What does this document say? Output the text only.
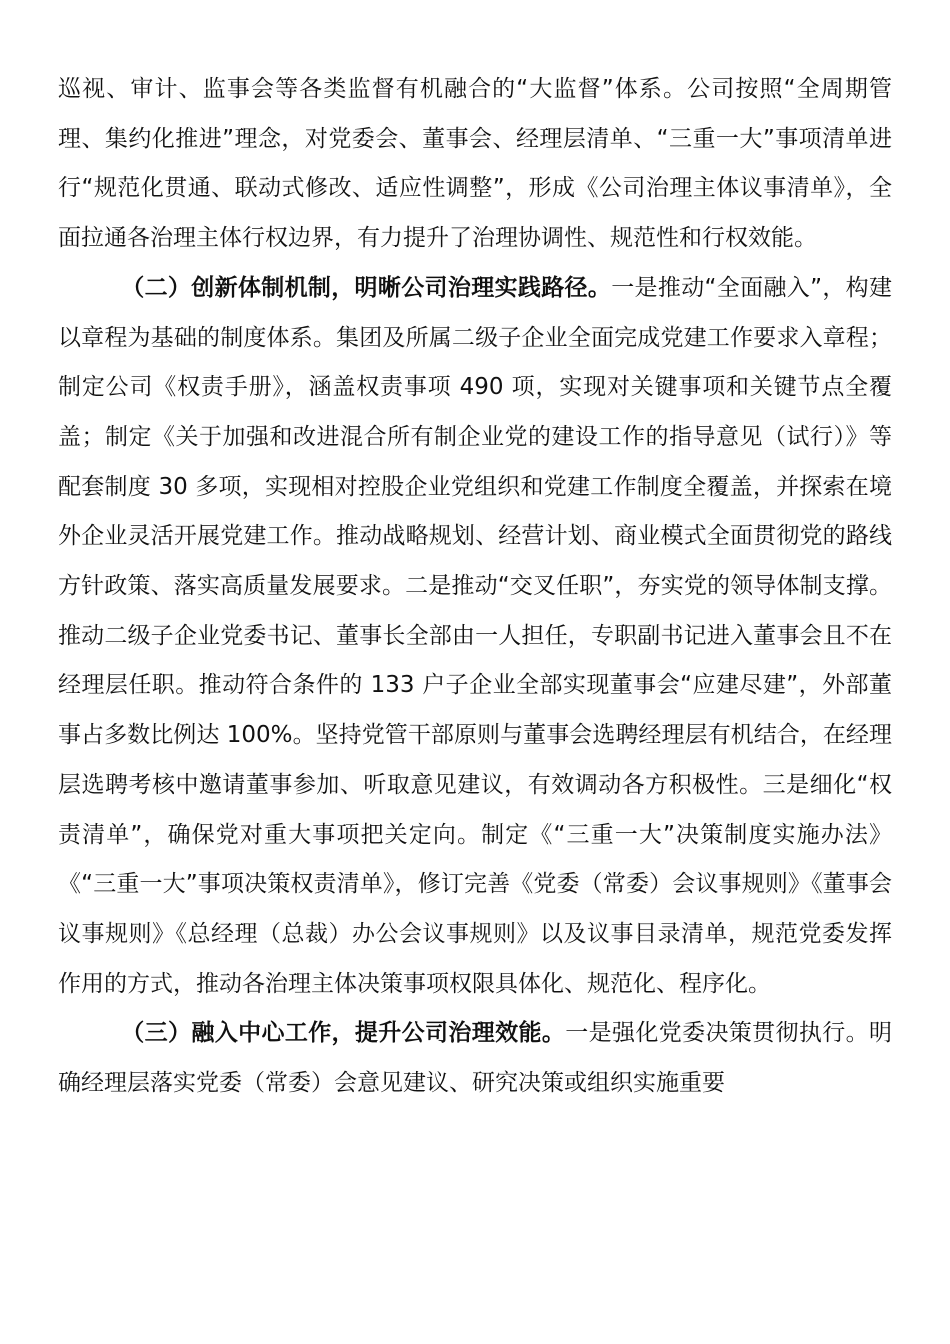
巡视、审计、监事会等各类监督有机融合的“大监督”体系。公司按照“全周期管理、集约化推进”理念，对党委会、董事会、经理层清单、“三重一大”事项清单进行“规范化贯通、联动式修改、适应性调整”，形成《公司治理主体议事清单》，全面拉通各治理主体行权边界，有力提升了治理协调性、规范性和行权效能。

（二）创新体制机制，明晰公司治理实践路径。一是推动“全面融入”，构建以章程为基础的制度体系。集团及所属二级子企业全面完成党建工作要求入章程；制定公司《权责手册》，涵盖权责事项 490 项，实现对关键事项和关键节点全覆盖；制定《关于加强和改进混合所有制企业党的建设工作的指导意见（试行）》等配套制度 30 多项，实现相对控股企业党组织和党建工作制度全覆盖，并探索在境外企业灵活开展党建工作。推动战略规划、经营计划、商业模式全面贯彻党的路线方针政策、落实高质量发展要求。二是推动“交叉任职”，夯实党的领导体制支撑。推动二级子企业党委书记、董事长全部由一人担任，专职副书记进入董事会且不在经理层任职。推动符合条件的 133 户子企业全部实现董事会“应建尽建”，外部董事占多数比例达 100%。坚持党管干部原则与董事会选聘经理层有机结合，在经理层选聘考核中邀请董事参加、听取意见建议，有效调动各方积极性。三是细化“权责清单”，确保党对重大事项把关定向。制定《“三重一大”决策制度实施办法》《“三重一大”事项决策权责清单》，修订完善《党委（常委）会议事规则》《董事会议事规则》《总经理（总裁）办公会议事规则》以及议事目录清单，规范党委发挥作用的方式，推动各治理主体决策事项权限具体化、规范化、程序化。

（三）融入中心工作，提升公司治理效能。一是强化党委决策贯彻执行。明确经理层落实党委（常委）会意见建议、研究决策或组织实施重要
